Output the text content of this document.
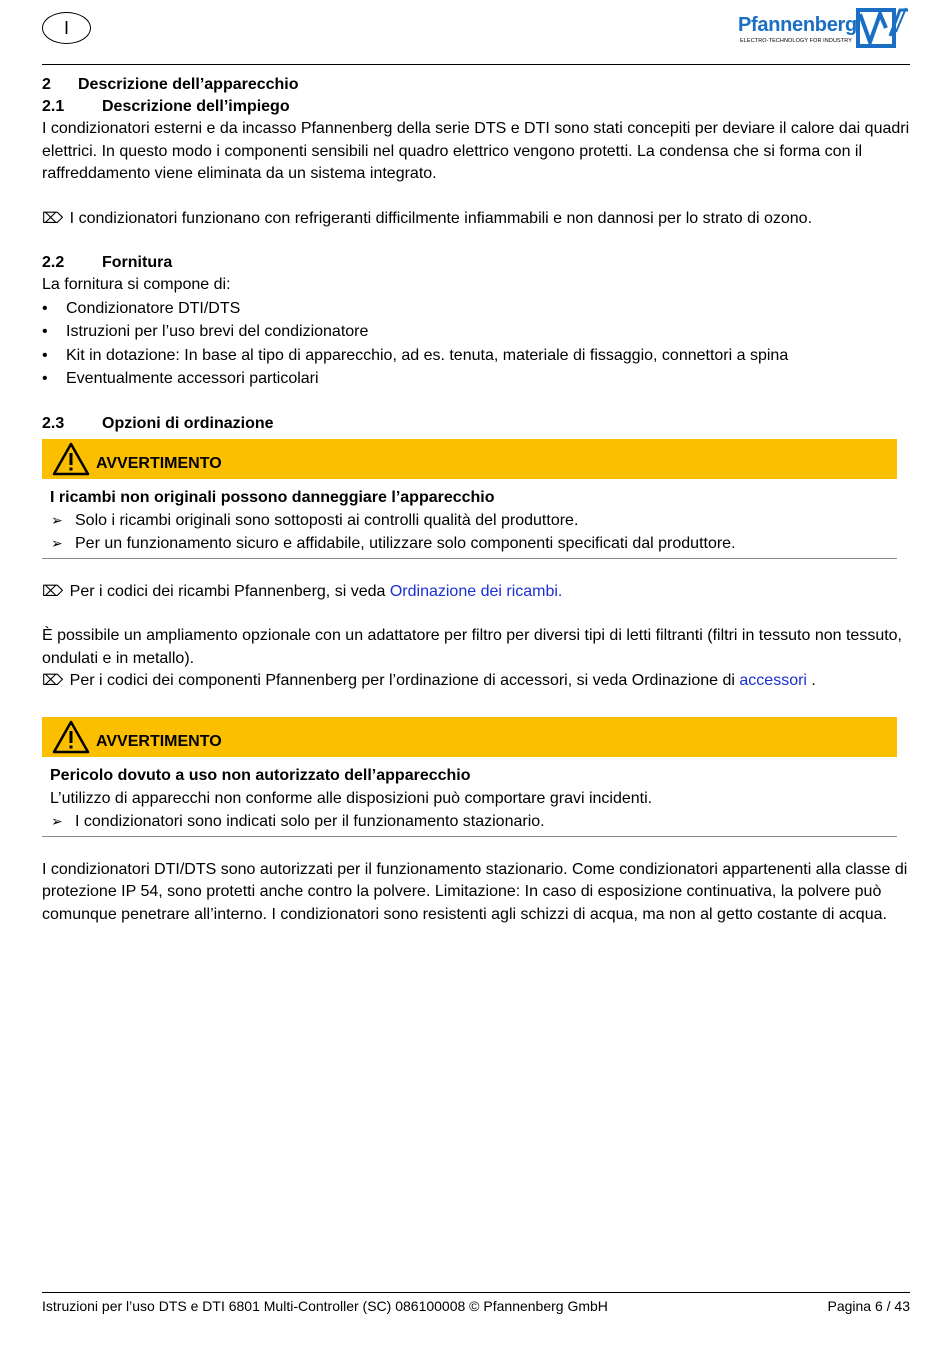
I	Pfannenberg
ELECTRO-TECHNOLOGY FOR INDUSTRY
2	Descrizione dell’apparecchio
2.1	Descrizione dell’impiego

I condizionatori esterni e da incasso Pfannenberg della serie DTS e DTI sono stati concepiti per deviare il calore dai quadri elettrici. In questo modo i componenti sensibili nel quadro elettrico vengono protetti. La condensa che si forma con il raffreddamento viene eliminata da un sistema integrato.

⌦ I condizionatori funzionano con refrigeranti difficilmente infiammabili e non dannosi per lo strato di ozono.

2.2	Fornitura

La fornitura si compone di:

• Condizionatore DTI/DTS
• Istruzioni per l’uso brevi del condizionatore
• Kit in dotazione: In base al tipo di apparecchio, ad es. tenuta, materiale di fissaggio, connettori a spina
• Eventualmente accessori particolari
2.3	Opzioni di ordinazione
AVVERTIMENTO
I ricambi non originali possono danneggiare l’apparecchio
➢ Solo i ricambi originali sono sottoposti ai controlli qualità del produttore.
➢ Per un funzionamento sicuro e affidabile, utilizzare solo componenti specificati dal produttore.

⌦ Per i codici dei ricambi Pfannenberg, si veda Ordinazione dei ricambi.

È possibile un ampliamento opzionale con un adattatore per filtro per diversi tipi di letti filtranti (filtri in tessuto non tessuto, ondulati e in metallo).

⌦ Per i codici dei componenti Pfannenberg per l’ordinazione di accessori, si veda Ordinazione di accessori .

AVVERTIMENTO
Pericolo dovuto a uso non autorizzato dell’apparecchio
L’utilizzo di apparecchi non conforme alle disposizioni può comportare gravi incidenti.
➢ I condizionatori sono indicati solo per il funzionamento stazionario.

I condizionatori DTI/DTS sono autorizzati per il funzionamento stazionario. Come condizionatori appartenenti alla classe di protezione IP 54, sono protetti anche contro la polvere. Limitazione: In caso di esposizione continuativa, la polvere può comunque penetrare all’interno. I condizionatori sono resistenti agli schizzi di acqua, ma non al getto costante di acqua.

Istruzioni per l’uso DTS e DTI 6801 Multi-Controller (SC) 086100008 © Pfannenberg GmbH	Pagina 6 / 43
